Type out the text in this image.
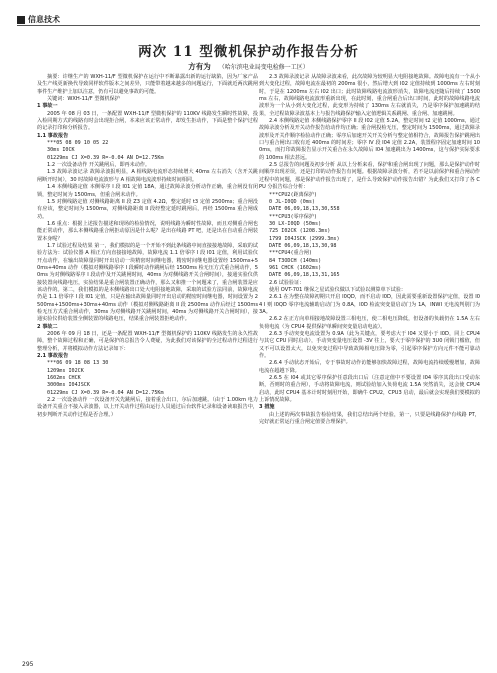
信息技术
两次 11 型微机保护动作报告分析
方有为 （哈尔滨电业局变电检修一工区）

摘要：许继生产的 WXH-11/F 型微机保护在运行中不断暴露出新的运行缺陷，因为厂家产品及生产线更新换代导致同样软件版本之间差异，只能带着越来越多的问题运行，下面就近两次跳闸事件生产维护上加以注意，仍有可以避免事故的可能。

关键词：WXH-11/F 型微机保护

1 事故一

2005 年 08 月 03 日，一条配置 WXH-11/F 型微机保护的 110KV 线路发生瞬时性故障，投入检同期方式的线路有时会出现拒合闸，本来应该正常动作，却发生拒动作，下面是整个保护过程的记录打印和分析报告。

1.1 事故报告

***05 08 09 10 05 22

30ms I0CK

01229ms CJ X=0.39 R=-0.04 AN D=12.75Km

1.2 一次设备动作 开关跳闸后，即再未动作。

1.3 故障录波记录 故障录波报明显，A 相线路电流形态持续增大 40ms 左右消失（含开关跳闸断开时间），30 时故障电流波形与 A 相故障电流波形持续时间相同。

1.4 本侧线路定值 本侧零序 I 段 I01 定值 18A，通过故障录波分析动作正确，重合闸没有闭锁，整定时间为 1500ms，但重合闸未动作。

1.5 对侧线路定值 对侧线路距离 II 段 Z3 定值 4.2Ω，整定延时 t3 定值 2500ms；重合闸没有应该，整定时间为 1500ms，对侧线路距离 II 段经整定延时跳闸后，再经 1500ms 重合闸成功。

1.6 重点：根据上述报告描述和现场的检验情况，说明线路为瞬时性故障，而且对侧重合闸也能正常动作，那么本侧线路重合闸拒动原因是什么呢？是出在线路 PT 吧，还是出在自动重合闸装置本身呢？

1.7 试验过程及结果 第一，我们模拟的是一个开始不到此条线路中间直接接地故障，采取的试验方法为：试验仪器 A 相正方向直接接地故障，故障电流 1.1 倍零序 I 段 I01 定值，利用试验仪开点动作，在输出故障量同时开出启动一块精密时间继电器，精密时间继电器设置经 1500ms+50ms+40ms 动作（模拟对侧线路零序 I 段瞬时动作跳闸后经 1500ms 检无压方式重合闸动作，50ms 为对侧线路零序 I 段动作及开关跳闸时间，40ms 为对侧线路开关合闸时间），接通实验仪供接装置向线路电压，实验结果是重合闸装置正确动作，那么又和推一个问题来了，重合闸装置是应该动作的。第二，我们模拟的是本侧线路出口处大电阻接地故障，采取的试验方法同前，故障电流仍是 1.1 倍零序 I 段 I01 定值，只是在输出故障量同时开出启动的精密时间继电器，时间设置为 2500ms+1500ms+30ms+40ms 动作（模拟对侧线路距离 II 段 2500ms 动作后经过 1500ms 检无压方式重合闸动作，30ms 为对侧线路开关跳闸时间，40ms 为对侧线路开关合闸时间），接通实验仪供给装置全侧装置的线路电压，结果重合闸装置拒绝动作。

2 事故二

2006 年 09 月 18 日，还是一条配置 WXH-11/F 型微机保护的 110KV 线路发生的永久性故障，整个故障过程和正确，可是保护的总报告令人费疑，为此我们对该保护的全过程动作过程进行整理分析，并将模拟动作方法记录如下：

2.1 事故报告

***06 09 18 08 13 30

1209ms I02CK

1602ms CHCK

3000ms I04JSCK

01229ms CJ X=0.39 R=-0.04 AN D=12.75Km

2.2 一次设备动作 一次设备开关先跳闸后，接着重合出口，尔后加速跳。（由于 1.00km 电力设备开关重合不接入录波器，以上开关动作过程由运行人员通过后台软件记录和设备读取报告中，初步判断开关动作过程是否合理。）

2.3 故障录波记录 从故障录波来看，此次故障为较明显大电阻接地故障。故障电流有一个从小到大变化过程，故障电流在最初的 200ms 很小，然后增大到 I02 定值持续到 1000ms 左右时刻时，于是在 1200ms 左右 I02 出口；此时故障线路电流波形消失，故障电流还随后持续了 1500ms 左右，故障线路电流波形重新出现，在此时刻，重合闸重合后出口时间，此时的故障线路电流波形为一个从小到大变化过程，此变形为持续了 130ms 左右就消失，乃是零序保护加速跳的结果，全过程故障录波基本上与报告线路保护输入定值逻辑关系跳闸、重合闸、加速跳闸。

2.4 本侧线路定值 本侧线路保护零序 II 段 I02 定值 5.2A，整定时间 t2 定值 1000ms，通过故障录波分析及开关动作报告给动作均正确；重合闸投检无压，整定时间为 1500ms，通过故障录波形及开关作顺序检验动作正确；零序后加速开关开关分析与整定值相符合，故障报告保护跳闸出口与重合闸出口收有近 400ms 的时间差；零序 IV 段 I04 定值 2.2A，装置程序固定加速时间 100ms，而打印故障报告显示开关重合在永久故障后 I04 加速跳出为 1400ms，这与保护实际要求的 100ms 相去甚远。

2.5 总报告的问题及初步分析 从以上分析来看，保护和重合闸出现了问题，那么是保护动作时间顺序出现差误，还是打印的动作报告有问题。根据故障录波分析，若不是以前保护和重合闸动作过程中的问题，那是保护动作报告出现了，是什么导致保护动作报告出错？为此我们又打印了各 CPU 分报告综合分析：

***CPU2(距离保护)

0 JL-I0QD (0ms)

DATE 06,09,18,13,30,558

***CPU3(零序保护)

30 LX-I0QD (50ms)

725 I02CK (1208.3ms)

1799 I04JSCK (2999.3ms)

DATE 06,09,18,13,30,98

***CPU4(重合闸)

84 T3ODCH (140ms)

961 CHCK (1602ms)

DATE 06,09,18,13,31,165

2.6 试验验证：

使用 OVT-701 继保之星试验仪做以下试验以测算单下试验：

2.6.1 在为整在故障初期只开启 I0QD，而不启动 I0D，因此需要重新设置保护定值，设置 I04 I 则 I0QD 零序电流辅助启动门为 0.8A，I0D 检流突变量启动门为 1A，INWI 无电流判别门为 3A。

2.6.2 在正方向单相接地故障设置三相电压，使二相电压降低，但设备的负载仍在 1.5A 左右负荷电流（为 CPU4 提供保护单瞬间突变量启动电流）。

2.6.3 手动突变电流设置为 0.9A（此为关键点，要考虑大于 I04 又要小于 I0D，同上 CPU4 与其它 CPU 同时启动），手动突变量电压设置 -3V 往上，要大于零序保护的 3U0 闭锁门槛值，但又不可以设置太大，以免突变过程中导致故障相电压降为零，引起零序保护方向元件不能可靠动作。

2.6.4 手动状态开始后，专于事故时动作访能够加快故障过程，故障电流持续缓慢增加，故障电流在超越下降。

2.6.5 在 I04 或其它零序保护任意段出口后（注意定值中不要设置 I04 零序其段出口受动东断，否则时的重合闸），手动将故障电流，则试验给加入负荷电流 1.5A 突然消失，这会使 CPU4 启动，此时 CPU4 基本计时时刻用开始，即确牛 CPU2，CPU3 启动，最后就会实现我们要模拟的上诉情况故障。

3 措施

由上述的两次事故报告检验结果，我们总结出两个经验，第一，只要是线路保护有线路 PT，完好就正常运行重合闸定值要合理保护。

295
